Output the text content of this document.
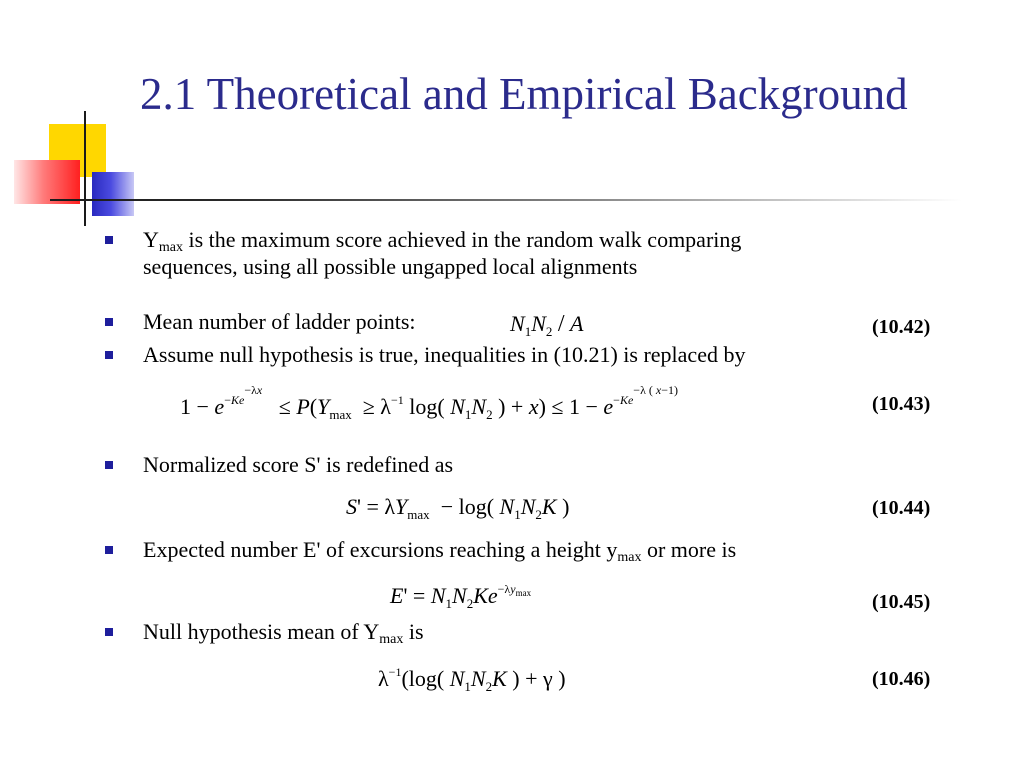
2.1 Theoretical and Empirical Background
$Y_{max}$ is the maximum score achieved in the random walk comparing
sequences, using all possible ungapped local alignments
Mean number of ladder points:	$N_1N_2$ / A	(10.42)
Assume null hypothesis is true, inequalities in (10.21) is replaced by
$1 - e^{-Ke^{-\lambda x}} \le P(Y_{max} \ge \lambda^{-1}$ log( $N_1N_2$ ) + $x) \le 1 - e^{-Ke^{-\lambda ( x-1)}}$
(10.43)
Normalized score S' is redefined as
$S' = \lambda Y_{max} - \log$( $N_1N_2K$ )	(10.44)
Expected number E' of excursions reaching a height $y_{max}$ or more is
$E' = N_1N_2Ke^{-\lambda y_{max}}$	(10.45)
Null hypothesis mean of $Y_{max}$ is
$\lambda^{-1}(\log$( $N_1N_2K$ ) + γ )	(10.46)
